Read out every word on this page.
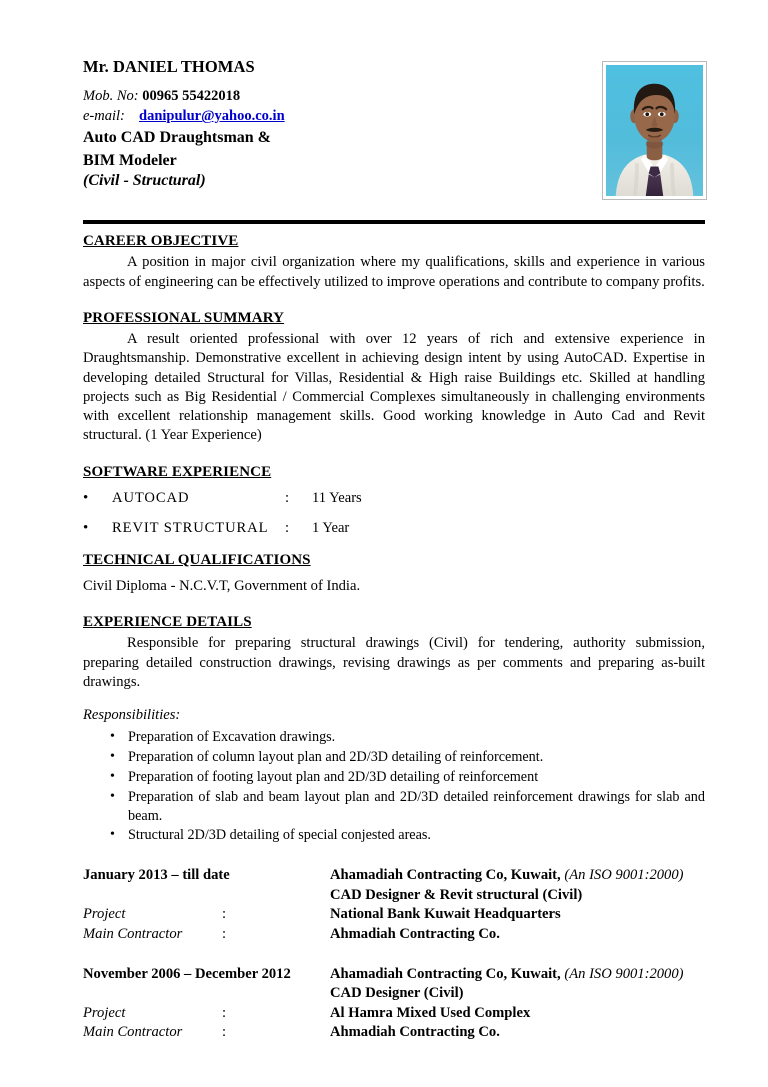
Mr. DANIEL THOMAS
Mob. No: 00965 55422018
e-mail: danipulur@yahoo.co.in
Auto CAD Draughtsman &
BIM Modeler
(Civil - Structural)
CAREER OBJECTIVE

A position in major civil organization where my qualifications, skills and experience in various aspects of engineering can be effectively utilized to improve operations and contribute to company profits.

PROFESSIONAL SUMMARY

A result oriented professional with over 12 years of rich and extensive experience in Draughtsmanship. Demonstrative excellent in achieving design intent by using AutoCAD. Expertise in developing detailed Structural for Villas, Residential & High raise Buildings etc. Skilled at handling projects such as Big Residential / Commercial Complexes simultaneously in challenging environments with excellent relationship management skills. Good working knowledge in Auto Cad and Revit structural. (1 Year Experience)

SOFTWARE EXPERIENCE
•	AUTOCAD	:	11 Years
•	REVIT STRUCTURAL	:	1 Year
TECHNICAL QUALIFICATIONS

Civil Diploma - N.C.V.T, Government of India.

EXPERIENCE DETAILS

Responsible for preparing structural drawings (Civil) for tendering, authority submission, preparing detailed construction drawings, revising drawings as per comments and preparing as-built drawings.

Responsibilities:
• Preparation of Excavation drawings.
• Preparation of column layout plan and 2D/3D detailing of reinforcement.
• Preparation of footing layout plan and 2D/3D detailing of reinforcement
• Preparation of slab and beam layout plan and 2D/3D detailed reinforcement drawings for slab and beam.
• Structural 2D/3D detailing of special conjested areas.
January 2013 – till date	Ahamadiah Contracting Co, Kuwait, (An ISO 9001:2000)
CAD Designer & Revit structural (Civil)
Project	:	National Bank Kuwait Headquarters
Main Contractor	:	Ahmadiah Contracting Co.
November 2006 – December 2012	Ahamadiah Contracting Co, Kuwait, (An ISO 9001:2000)
CAD Designer (Civil)
Project	:	Al Hamra Mixed Used Complex
Main Contractor	:	Ahmadiah Contracting Co.
